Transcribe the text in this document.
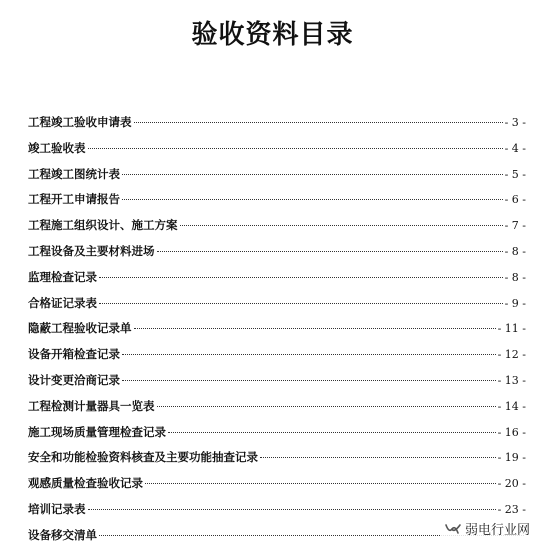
验收资料目录
工程竣工验收申请表	- 3 -
竣工验收表	- 4 -
工程竣工图统计表	- 5 -
工程开工申请报告	- 6 -
工程施工组织设计、施工方案	- 7 -
工程设备及主要材料进场	- 8 -
监理检查记录	- 8 -
合格证记录表	- 9 -
隐蔽工程验收记录单	- 11 -
设备开箱检查记录	- 12 -
设计变更洽商记录	- 13 -
工程检测计量器具一览表	- 14 -
施工现场质量管理检查记录	- 16 -
安全和功能检验资料核查及主要功能抽查记录	- 19 -
观感质量检查验收记录	- 20 -
培训记录表	- 23 -
设备移交清单	弱电行业网
